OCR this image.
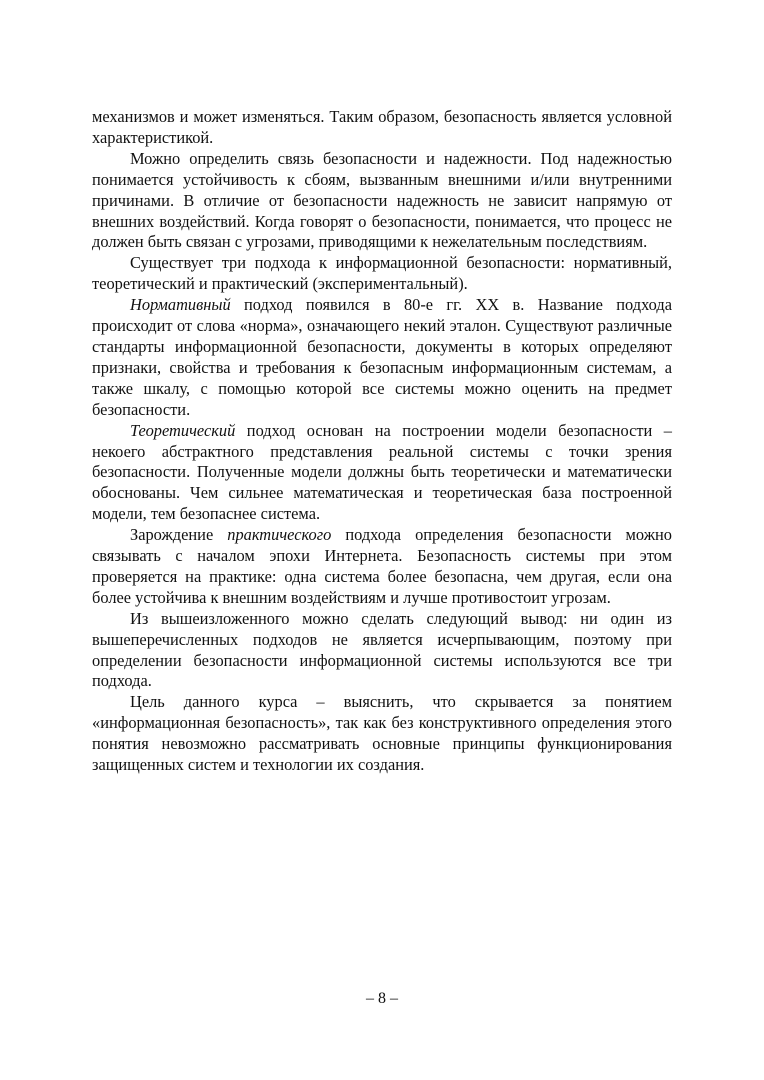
механизмов и может изменяться. Таким образом, безопасность является условной характеристикой.

Можно определить связь безопасности и надежности. Под надежностью понимается устойчивость к сбоям, вызванным внешними и/или внутренними причинами. В отличие от безопасности надежность не зависит напрямую от внешних воздействий. Когда говорят о безопасности, понимается, что процесс не должен быть связан с угрозами, приводящими к нежелательным последствиям.

Существует три подхода к информационной безопасности: нормативный, теоретический и практический (экспериментальный).

Нормативный подход появился в 80-е гг. XX в. Название подхода происходит от слова «норма», означающего некий эталон. Существуют различные стандарты информационной безопасности, документы в которых определяют признаки, свойства и требования к безопасным информационным системам, а также шкалу, с помощью которой все системы можно оценить на предмет безопасности.

Теоретический подход основан на построении модели безопасности – некоего абстрактного представления реальной системы с точки зрения безопасности. Полученные модели должны быть теоретически и математически обоснованы. Чем сильнее математическая и теоретическая база построенной модели, тем безопаснее система.

Зарождение практического подхода определения безопасности можно связывать с началом эпохи Интернета. Безопасность системы при этом проверяется на практике: одна система более безопасна, чем другая, если она более устойчива к внешним воздействиям и лучше противостоит угрозам.

Из вышеизложенного можно сделать следующий вывод: ни один из вышеперечисленных подходов не является исчерпывающим, поэтому при определении безопасности информационной системы используются все три подхода.

Цель данного курса – выяснить, что скрывается за понятием «информационная безопасность», так как без конструктивного определения этого понятия невозможно рассматривать основные принципы функционирования защищенных систем и технологии их создания.

– 8 –
